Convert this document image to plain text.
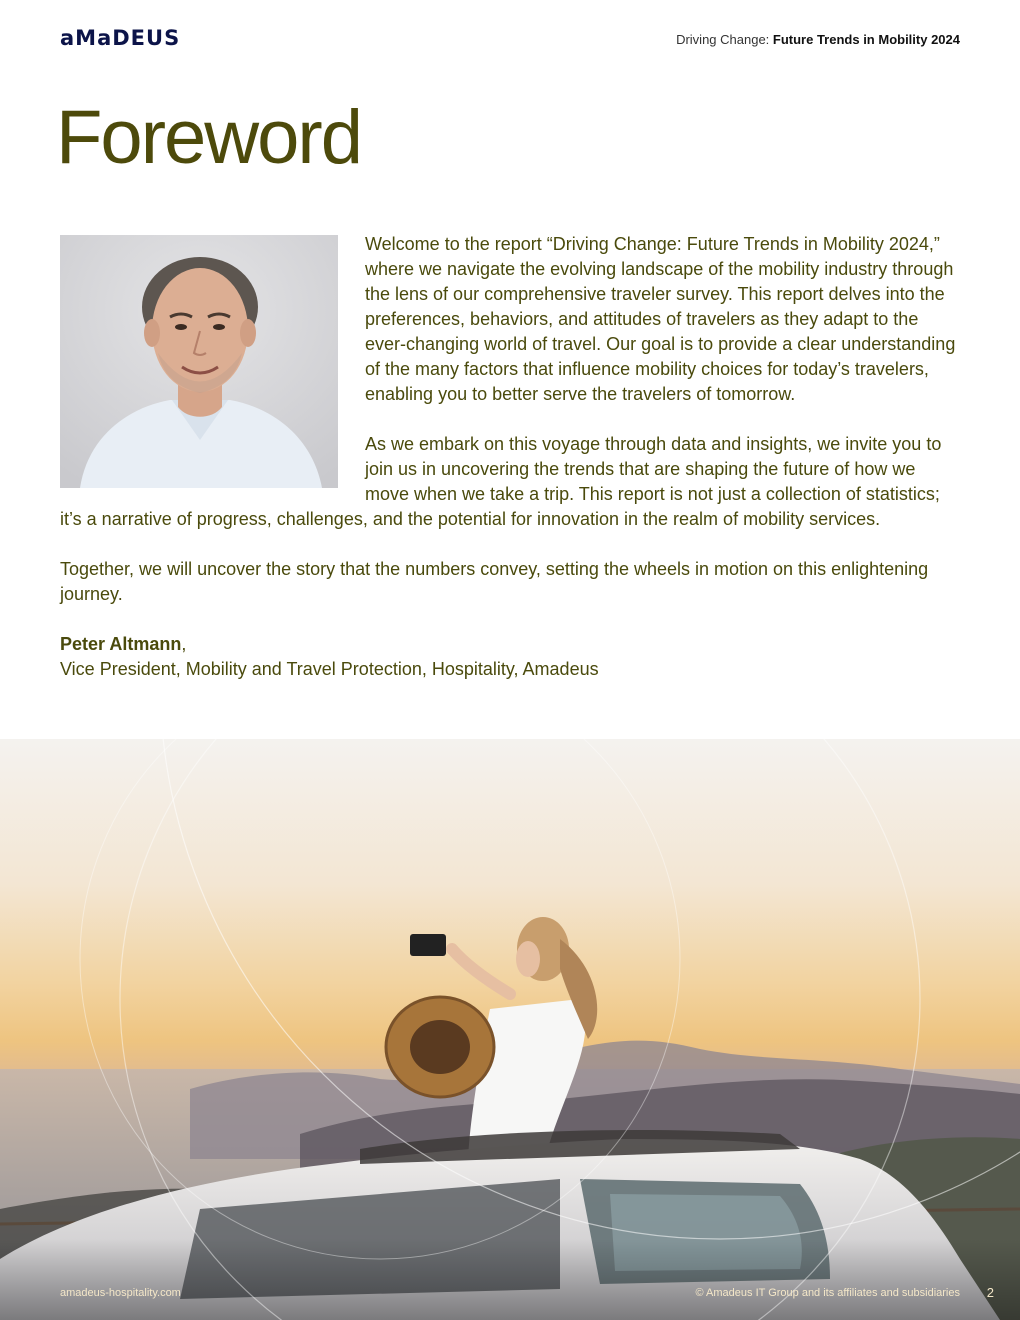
aMaDEUS	Driving Change: Future Trends in Mobility 2024
Foreword

Welcome to the report “Driving Change: Future Trends in Mobility 2024,” where we navigate the evolving landscape of the mobility industry through the lens of our comprehensive traveler survey. This report delves into the preferences, behaviors, and attitudes of travelers as they adapt to the ever-changing world of travel. Our goal is to provide a clear understanding of the many factors that influence mobility choices for today’s travelers, enabling you to better serve the travelers of tomorrow.

As we embark on this voyage through data and insights, we invite you to join us in uncovering the trends that are shaping the future of how we move when we take a trip. This report is not just a collection of statistics; it’s a narrative of progress, challenges, and the potential for innovation in the realm of mobility services.

Together, we will uncover the story that the numbers convey, setting the wheels in motion on this enlightening journey.

Peter Altmann,
Vice President, Mobility and Travel Protection, Hospitality, Amadeus
amadeus-hospitality.com	© Amadeus IT Group and its affiliates and subsidiaries 2
